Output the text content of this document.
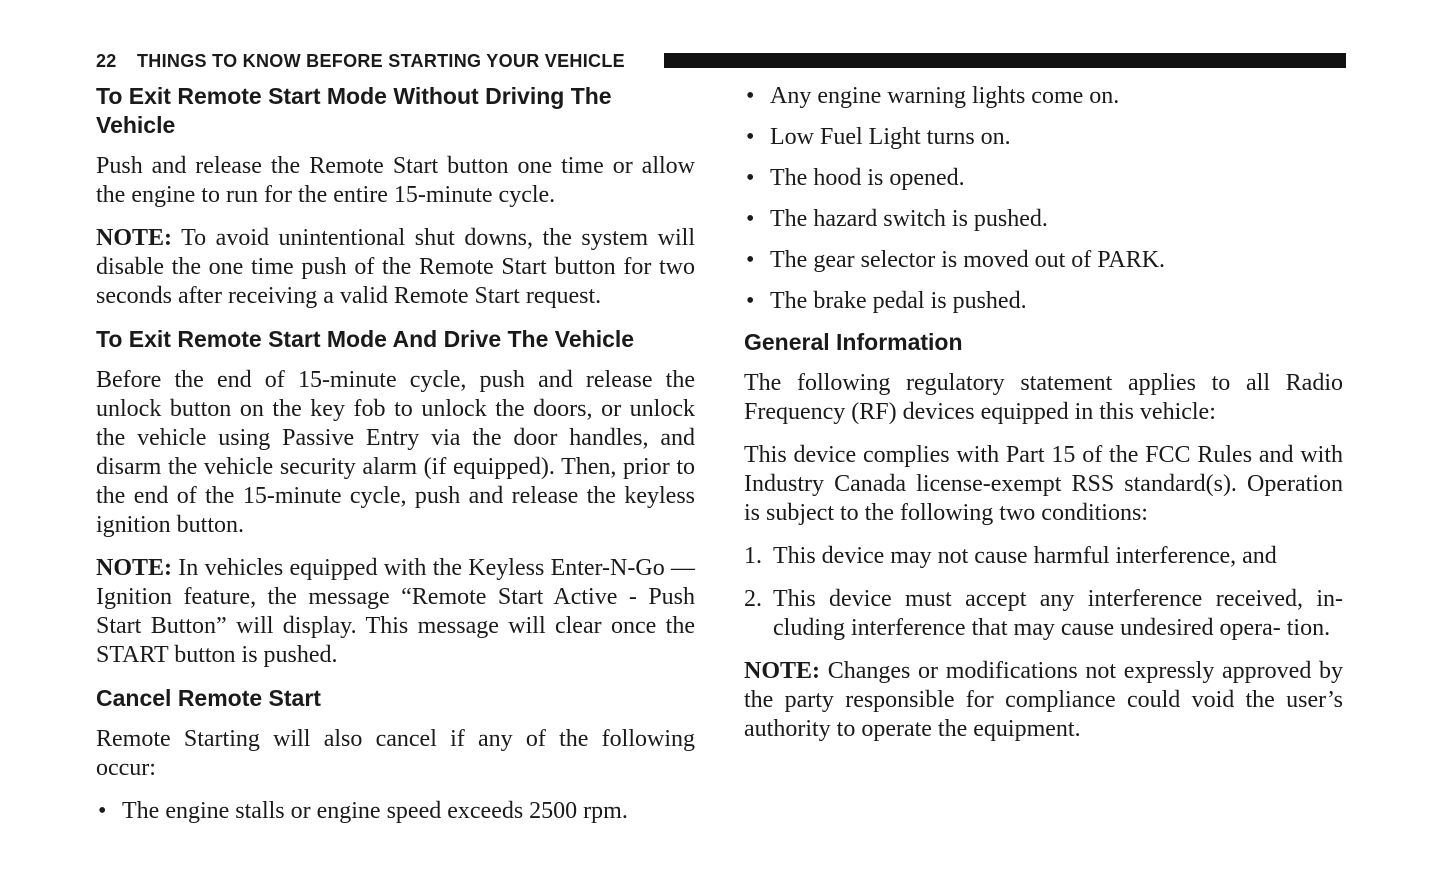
22 THINGS TO KNOW BEFORE STARTING YOUR VEHICLE
To Exit Remote Start Mode Without Driving The Vehicle

Push and release the Remote Start button one time or allow the engine to run for the entire 15-minute cycle.

NOTE: To avoid unintentional shut downs, the system will disable the one time push of the Remote Start button for two seconds after receiving a valid Remote Start request.

To Exit Remote Start Mode And Drive The Vehicle

Before the end of 15-minute cycle, push and release the unlock button on the key fob to unlock the doors, or unlock the vehicle using Passive Entry via the door handles, and disarm the vehicle security alarm (if equipped). Then, prior to the end of the 15-minute cycle, push and release the keyless ignition button.

NOTE: In vehicles equipped with the Keyless Enter-N-Go — Ignition feature, the message “Remote Start Active - Push Start Button” will display. This message will clear once the START button is pushed.

Cancel Remote Start

Remote Starting will also cancel if any of the following occur:

• The engine stalls or engine speed exceeds 2500 rpm.
• Any engine warning lights come on.
• Low Fuel Light turns on.
• The hood is opened.
• The hazard switch is pushed.
• The gear selector is moved out of PARK.
• The brake pedal is pushed.
General Information

The following regulatory statement applies to all Radio Frequency (RF) devices equipped in this vehicle:

This device complies with Part 15 of the FCC Rules and with Industry Canada license-exempt RSS standard(s). Operation is subject to the following two conditions:

1. This device may not cause harmful interference, and
2. This device must accept any interference received, in- cluding interference that may cause undesired opera- tion.

NOTE: Changes or modifications not expressly approved by the party responsible for compliance could void the user’s authority to operate the equipment.
